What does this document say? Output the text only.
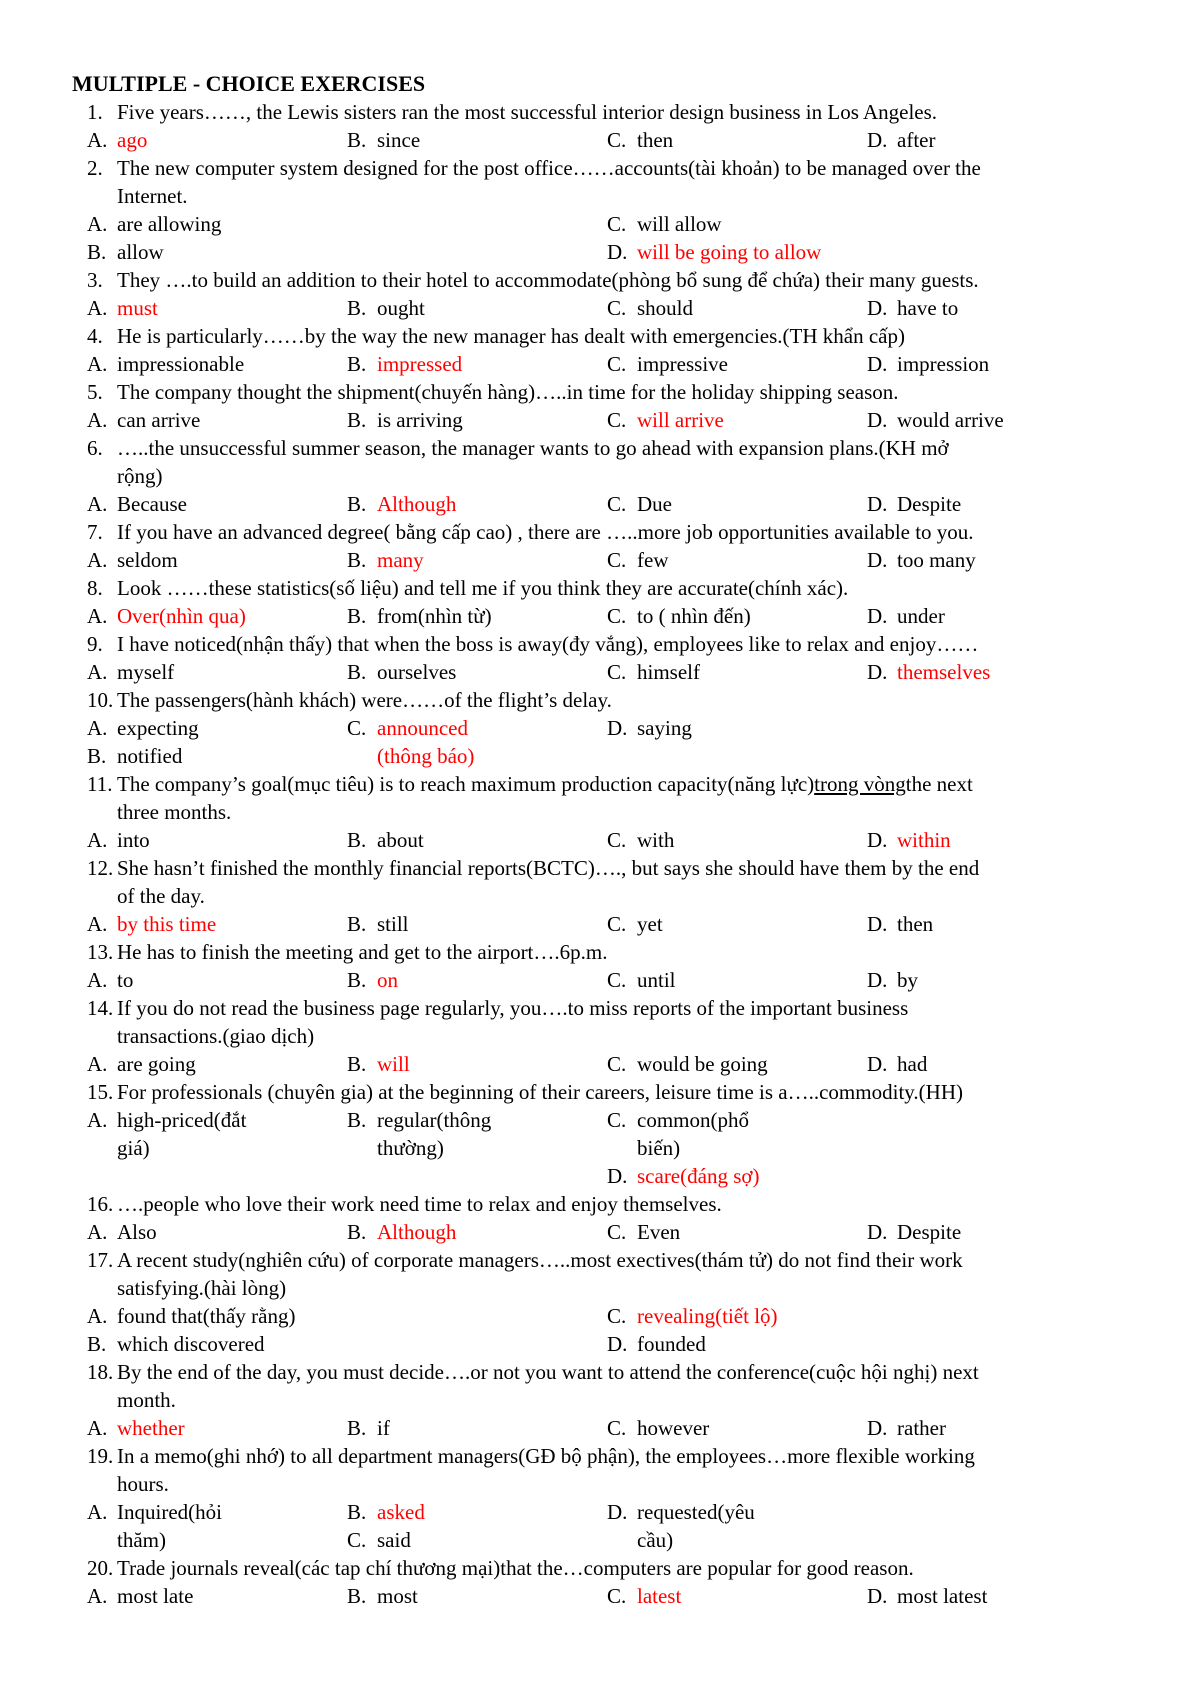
MULTIPLE - CHOICE EXERCISES
1. Five years……, the Lewis sisters ran the most successful interior design business in Los Angeles.
A. ago	B. since	C. then	D. after
2. The new computer system designed for the post office……accounts(tài khoản) to be managed over the
Internet.
A. are allowing	C. will allow
B. allow	D. will be going to allow
3. They ….to build an addition to their hotel to accommodate(phòng bổ sung để chứa) their many guests.
A. must	B. ought	C. should	D. have to
4. He is particularly……by the way the new manager has dealt with emergencies.(TH khẩn cấp)
A. impressionable	B. impressed	C. impressive	D. impression
5. The company thought the shipment(chuyến hàng)…..in time for the holiday shipping season.
A. can arrive	B. is arriving	C. will arrive	D. would arrive
6. …..the unsuccessful summer season, the manager wants to go ahead with expansion plans.(KH mở
rộng)
A. Because	B. Although	C. Due	D. Despite
7. If you have an advanced degree( bằng cấp cao) , there are …..more job opportunities available to you.
A. seldom	B. many	C. few	D. too many
8. Look ……these statistics(số liệu) and tell me if you think they are accurate(chính xác).
A. Over(nhìn qua)	B. from(nhìn từ)	C. to ( nhìn đến)	D. under
9. I have noticed(nhận thấy) that when the boss is away(đy vắng), employees like to relax and enjoy……
A. myself	B. ourselves	C. himself	D. themselves
10. The passengers(hành khách) were……of the flight’s delay.
A. expecting	C. announced	D. saying
B. notified	(thông báo)
11. The company’s goal(mục tiêu) is to reach maximum production capacity(năng lực)trong vòngthe next
three months.
A. into	B. about	C. with	D. within
12. She hasn’t finished the monthly financial reports(BCTC)…., but says she should have them by the end
of the day.
A. by this time	B. still	C. yet	D. then
13. He has to finish the meeting and get to the airport….6p.m.
A. to	B. on	C. until	D. by
14. If you do not read the business page regularly, you….to miss reports of the important business
transactions.(giao dịch)
A. are going	B. will	C. would be going	D. had
15. For professionals (chuyên gia) at the beginning of their careers, leisure time is a…..commodity.(HH)
A. high-priced(đắt	B. regular(thông	C. common(phổ
giá)	thường)	biến)
D. scare(đáng sợ)
16. ….people who love their work need time to relax and enjoy themselves.
A. Also	B. Although	C. Even	D. Despite
17. A recent study(nghiên cứu) of corporate managers…..most exectives(thám tử) do not find their work
satisfying.(hài lòng)
A. found that(thấy rằng)	C. revealing(tiết lộ)
B. which discovered	D. founded
18. By the end of the day, you must decide….or not you want to attend the conference(cuộc hội nghị) next
month.
A. whether	B. if	C. however	D. rather
19. In a memo(ghi nhớ) to all department managers(GĐ bộ phận), the employees…more flexible working
hours.
A. Inquired(hỏi	B. asked	D. requested(yêu
thăm)	C. said	cầu)
20. Trade journals reveal(các tap chí thương mại)that the…computers are popular for good reason.
A. most late	B. most	C. latest	D. most latest
